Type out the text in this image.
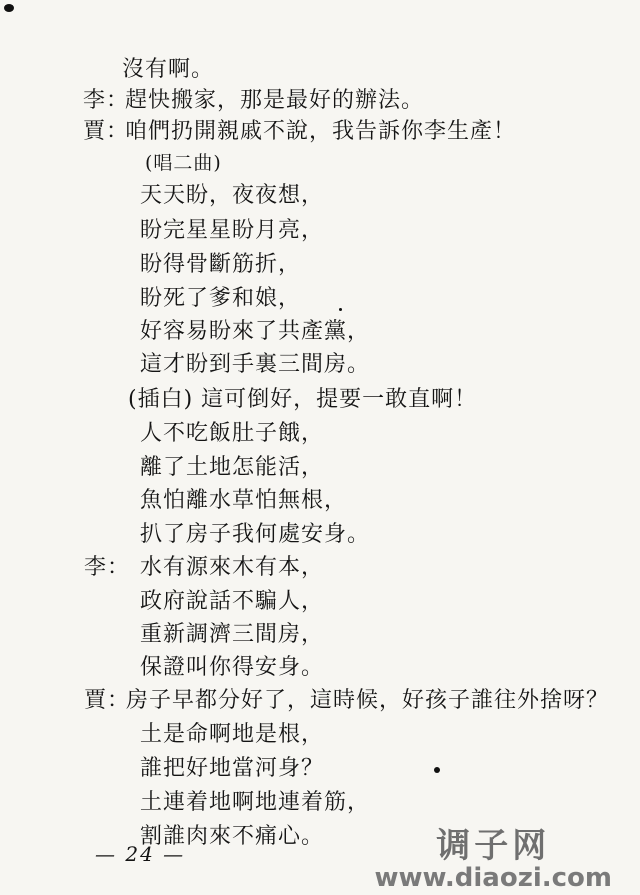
沒有啊。
李：趕快搬家，那是最好的辦法。
賈：咱們扔開親戚不說，我告訴你李生產！
(唱二曲)
天天盼，夜夜想，
盼完星星盼月亮，
盼得骨斷筋折，
盼死了爹和娘，
好容易盼來了共產黨，
這才盼到手裏三間房。
(插白) 這可倒好，提要一敢直啊！
人不吃飯肚子餓，
離了土地怎能活，
魚怕離水草怕無根，
扒了房子我何處安身。
李： 水有源來木有本，
政府說話不騙人，
重新調濟三間房，
保證叫你得安身。
賈：房子早都分好了，這時候，好孩子誰往外捨呀？
土是命啊地是根，
誰把好地當河身？
土連着地啊地連着筋，
割誰肉來不痛心。
— 24 —	调子网
www.diaozi.com
